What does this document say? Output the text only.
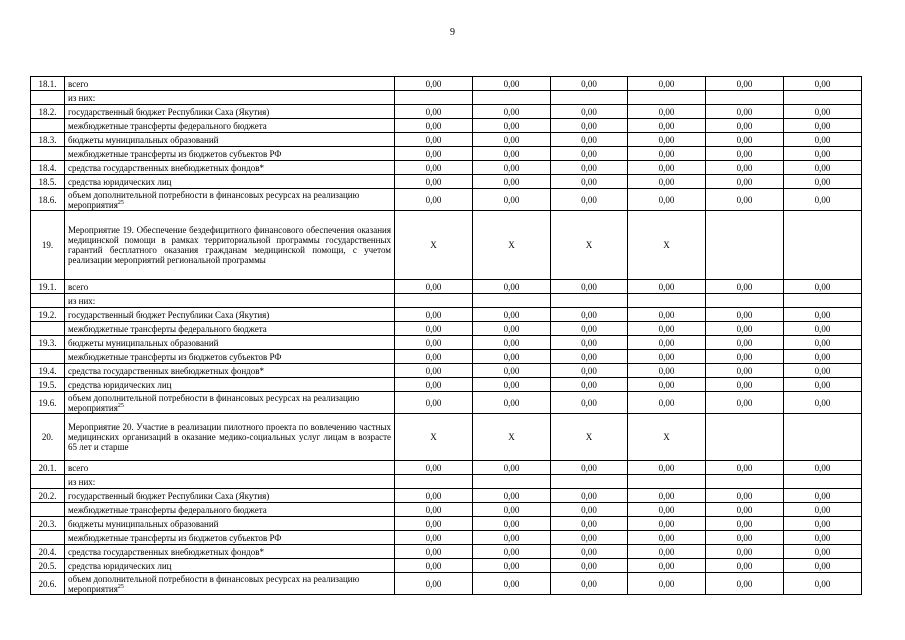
9
18.1.	всего	0,00	0,00	0,00	0,00	0,00	0,00
	из них:						
18.2.	государственный бюджет Республики Саха (Якутия)	0,00	0,00	0,00	0,00	0,00	0,00
	межбюджетные трансферты федерального бюджета	0,00	0,00	0,00	0,00	0,00	0,00
18.3.	бюджеты муниципальных образований	0,00	0,00	0,00	0,00	0,00	0,00
	межбюджетные трансферты из бюджетов субъектов РФ	0,00	0,00	0,00	0,00	0,00	0,00
18.4.	средства государственных внебюджетных фондов*	0,00	0,00	0,00	0,00	0,00	0,00
18.5.	средства юридических лиц	0,00	0,00	0,00	0,00	0,00	0,00
18.6.	объем дополнительной потребности в финансовых ресурсах на реализацию мероприятия$^{25}$	0,00	0,00	0,00	0,00	0,00	0,00
19.	Мероприятие 19. Обеспечение бездефицитного финансового обеспечения оказания медицинской помощи в рамках территориальной программы государственных гарантий бесплатного оказания гражданам медицинской помощи, с учетом реализации мероприятий региональной программы	X	X	X	X		
19.1.	всего	0,00	0,00	0,00	0,00	0,00	0,00
	из них:						
19.2.	государственный бюджет Республики Саха (Якутия)	0,00	0,00	0,00	0,00	0,00	0,00
	межбюджетные трансферты федерального бюджета	0,00	0,00	0,00	0,00	0,00	0,00
19.3.	бюджеты муниципальных образований	0,00	0,00	0,00	0,00	0,00	0,00
	межбюджетные трансферты из бюджетов субъектов РФ	0,00	0,00	0,00	0,00	0,00	0,00
19.4.	средства государственных внебюджетных фондов*	0,00	0,00	0,00	0,00	0,00	0,00
19.5.	средства юридических лиц	0,00	0,00	0,00	0,00	0,00	0,00
19.6.	объем дополнительной потребности в финансовых ресурсах на реализацию мероприятия$^{25}$	0,00	0,00	0,00	0,00	0,00	0,00
20.	Мероприятие 20. Участие в реализации пилотного проекта по вовлечению частных медицинских организаций в оказание медико-социальных услуг лицам в возрасте 65 лет и старше	X	X	X	X		
20.1.	всего	0,00	0,00	0,00	0,00	0,00	0,00
	из них:						
20.2.	государственный бюджет Республики Саха (Якутия)	0,00	0,00	0,00	0,00	0,00	0,00
	межбюджетные трансферты федерального бюджета	0,00	0,00	0,00	0,00	0,00	0,00
20.3.	бюджеты муниципальных образований	0,00	0,00	0,00	0,00	0,00	0,00
	межбюджетные трансферты из бюджетов субъектов РФ	0,00	0,00	0,00	0,00	0,00	0,00
20.4.	средства государственных внебюджетных фондов*	0,00	0,00	0,00	0,00	0,00	0,00
20.5.	средства юридических лиц	0,00	0,00	0,00	0,00	0,00	0,00
20.6.	объем дополнительной потребности в финансовых ресурсах на реализацию мероприятия$^{25}$	0,00	0,00	0,00	0,00	0,00	0,00
